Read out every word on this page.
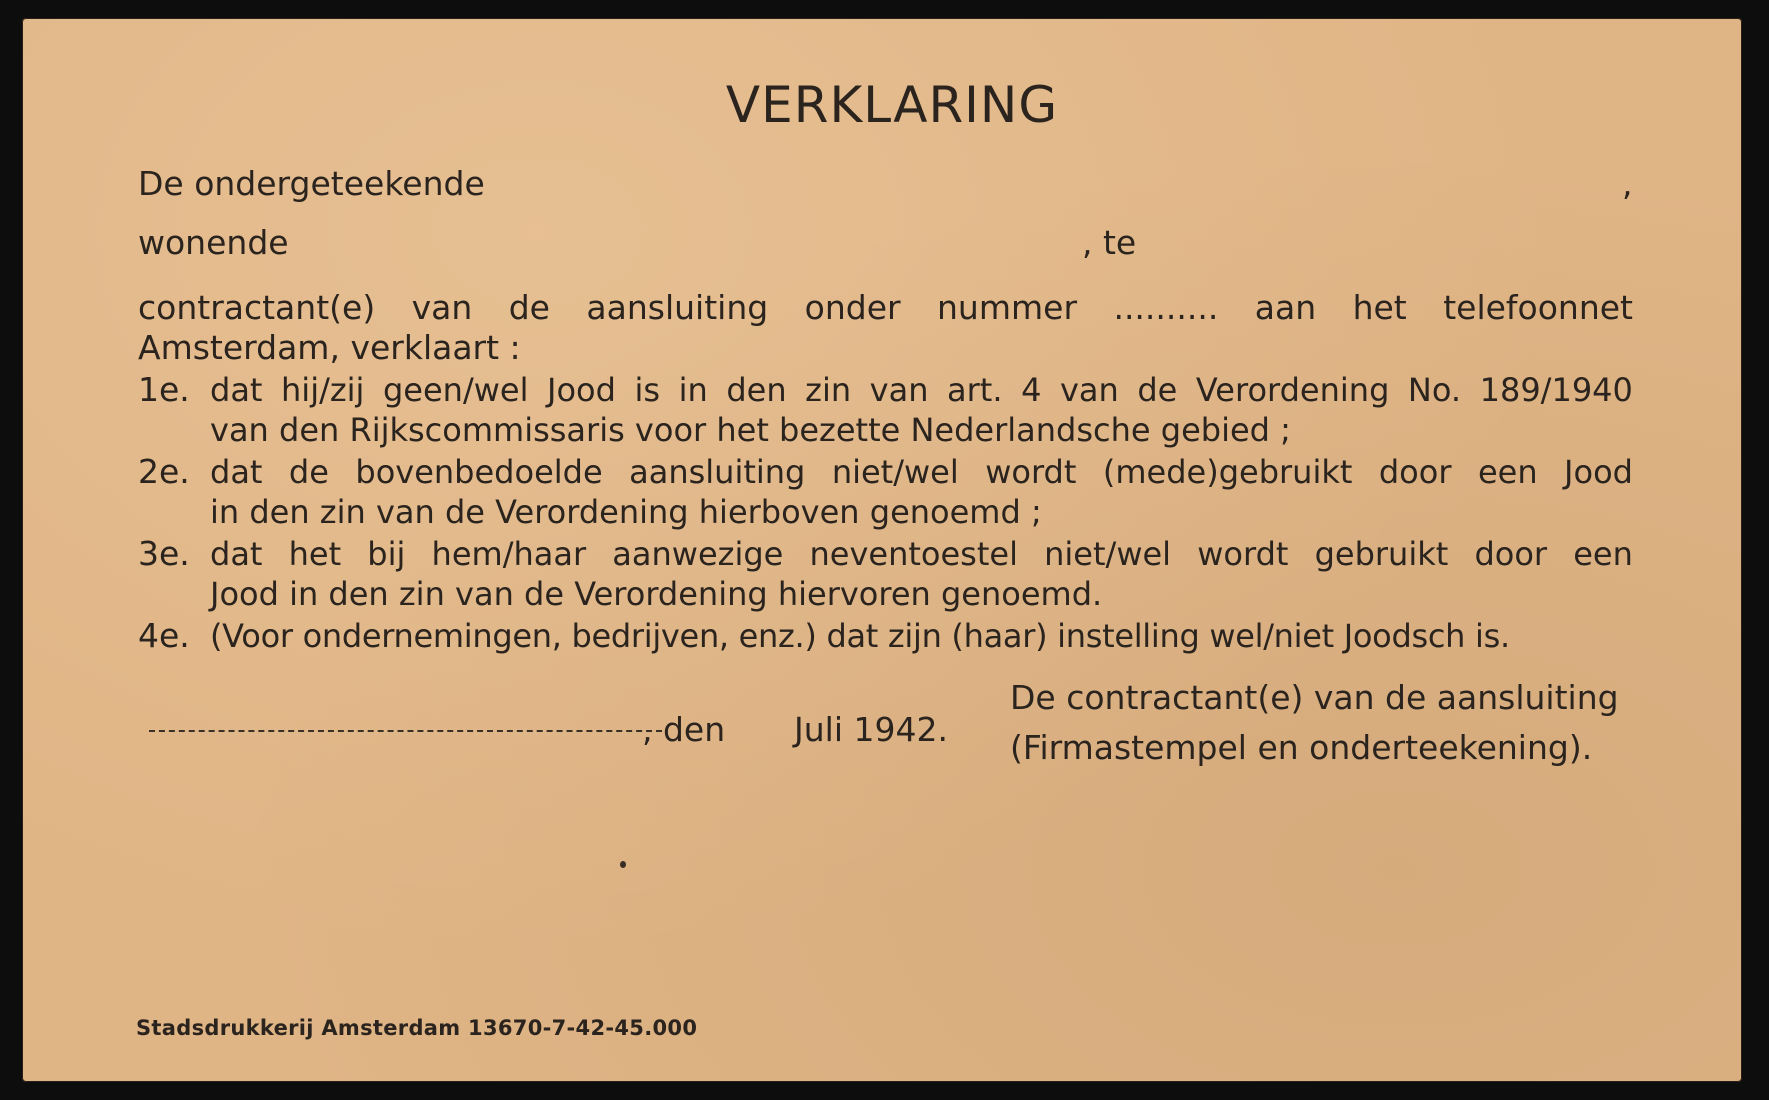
VERKLARING
De ondergeteekende	,
wonende	, te
contractant(e) van de aansluiting onder nummer .......... aan het telefoonnet
Amsterdam, verklaart :
1e. dat hij/zij geen/wel Jood is in den zin van art. 4 van de Verordening No. 189/1940
van den Rijkscommissaris voor het bezette Nederlandsche gebied ;
2e. dat de bovenbedoelde aansluiting niet/wel wordt (mede)gebruikt door een Jood
in den zin van de Verordening hierboven genoemd ;
3e. dat het bij hem/haar aanwezige neventoestel niet/wel wordt gebruikt door een
Jood in den zin van de Verordening hiervoren genoemd.
4e. (Voor ondernemingen, bedrijven, enz.) dat zijn (haar) instelling wel/niet Joodsch is.
, den Juli 1942.
De contractant(e) van de aansluiting
(Firmastempel en onderteekening).
Stadsdrukkerij Amsterdam 13670-7-42-45.000
